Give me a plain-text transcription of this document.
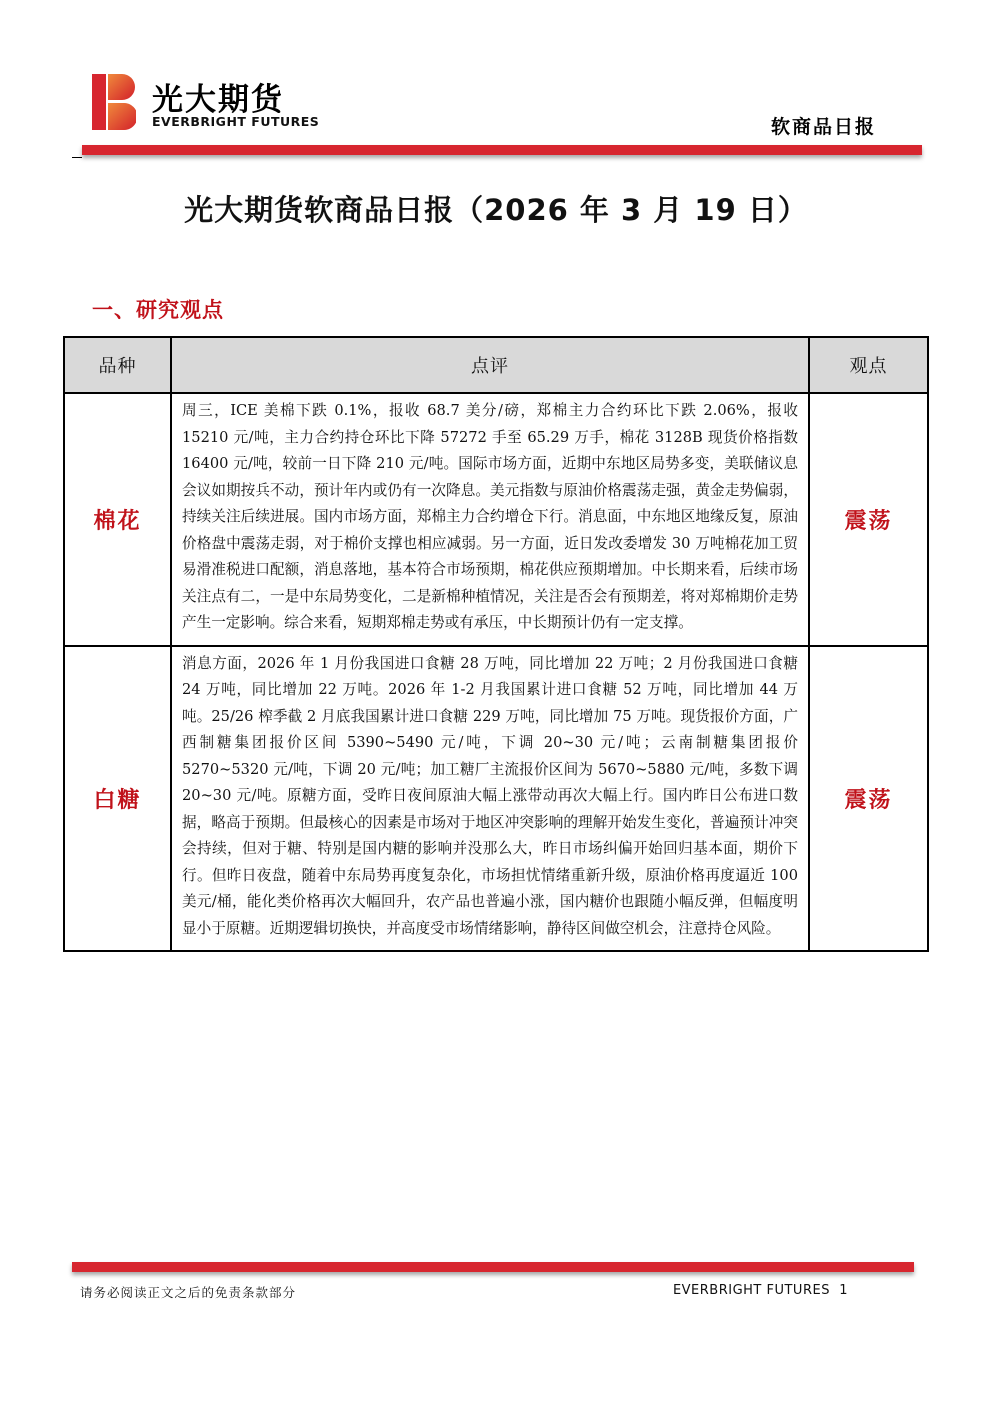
光大期货
EVERBRIGHT FUTURES	软商品日报
光大期货软商品日报（2026 年 3 月 19 日）
一、研究观点
品种	点评	观点
棉花	周三，ICE 美棉下跌 0.1%，报收 68.7 美分/磅，郑棉主力合约环比下跌 2.06%，报收 15210 元/吨，主力合约持仓环比下降 57272 手至 65.29 万手，棉花 3128B 现货价格指数 16400 元/吨，较前一日下降 210 元/吨。国际市场方面，近期中东地区局势多变，美联储议息会议如期按兵不动，预计年内或仍有一次降息。美元指数与原油价格震荡走强，黄金走势偏弱，持续关注后续进展。国内市场方面，郑棉主力合约增仓下行。消息面，中东地区地缘反复，原油价格盘中震荡走弱，对于棉价支撑也相应减弱。另一方面，近日发改委增发 30 万吨棉花加工贸易滑准税进口配额，消息落地，基本符合市场预期，棉花供应预期增加。中长期来看，后续市场关注点有二，一是中东局势变化，二是新棉种植情况，关注是否会有预期差，将对郑棉期价走势产生一定影响。综合来看，短期郑棉走势或有承压，中长期预计仍有一定支撑。	震荡
白糖	消息方面，2026 年 1 月份我国进口食糖 28 万吨，同比增加 22 万吨；2 月份我国进口食糖 24 万吨，同比增加 22 万吨。2026 年 1-2 月我国累计进口食糖 52 万吨，同比增加 44 万吨。25/26 榨季截 2 月底我国累计进口食糖 229 万吨，同比增加 75 万吨。现货报价方面，广西制糖集团报价区间 5390~5490 元/吨，下调 20~30 元/吨；云南制糖集团报价 5270~5320 元/吨，下调 20 元/吨；加工糖厂主流报价区间为 5670~5880 元/吨，多数下调 20~30 元/吨。原糖方面，受昨日夜间原油大幅上涨带动再次大幅上行。国内昨日公布进口数据，略高于预期。但最核心的因素是市场对于地区冲突影响的理解开始发生变化，普遍预计冲突会持续，但对于糖、特别是国内糖的影响并没那么大，昨日市场纠偏开始回归基本面，期价下行。但昨日夜盘，随着中东局势再度复杂化，市场担忧情绪重新升级，原油价格再度逼近 100 美元/桶，能化类价格再次大幅回升，农产品也普遍小涨，国内糖价也跟随小幅反弹，但幅度明显小于原糖。近期逻辑切换快，并高度受市场情绪影响，静待区间做空机会，注意持仓风险。	震荡
请务必阅读正文之后的免责条款部分	EVERBRIGHT FUTURES 1
